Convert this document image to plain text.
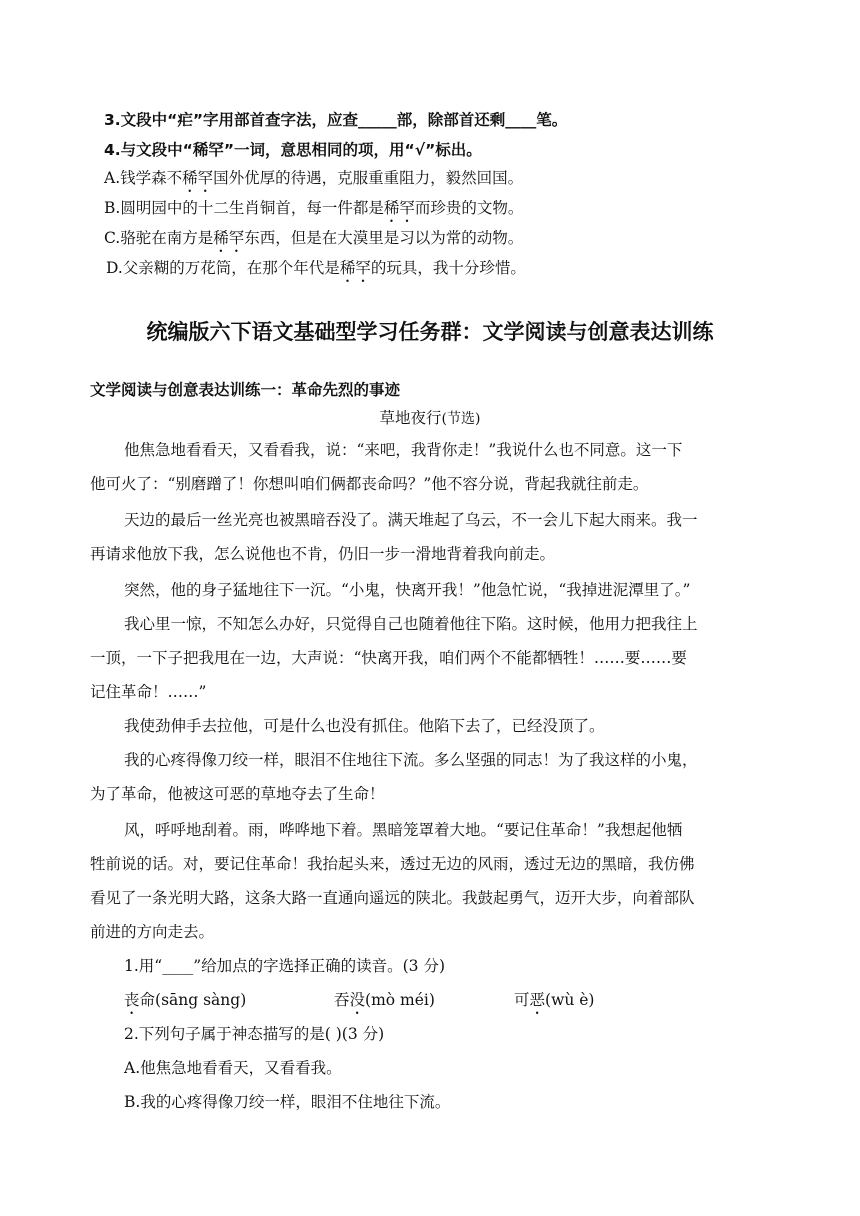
3.文段中“疟”字用部首查字法，应查_____部，除部首还剩____笔。
4.与文段中“稀罕”一词，意思相同的项，用“√”标出。
A.钱学森不稀罕国外优厚的待遇，克服重重阻力，毅然回国。
B.圆明园中的十二生肖铜首，每一件都是稀罕而珍贵的文物。
C.骆驼在南方是稀罕东西，但是在大漠里是习以为常的动物。
D.父亲糊的万花筒，在那个年代是稀罕的玩具，我十分珍惜。
统编版六下语文基础型学习任务群：文学阅读与创意表达训练
文学阅读与创意表达训练一：革命先烈的事迹
草地夜行(节选)
他焦急地看看天，又看看我，说：“来吧，我背你走！”我说什么也不同意。这一下
他可火了：“别磨蹭了！你想叫咱们俩都丧命吗？”他不容分说，背起我就往前走。
天边的最后一丝光亮也被黑暗吞没了。满天堆起了乌云，不一会儿下起大雨来。我一
再请求他放下我，怎么说他也不肯，仍旧一步一滑地背着我向前走。
突然，他的身子猛地往下一沉。“小鬼，快离开我！”他急忙说，“我掉进泥潭里了。”
我心里一惊，不知怎么办好，只觉得自己也随着他往下陷。这时候，他用力把我往上
一顶，一下子把我甩在一边，大声说：“快离开我，咱们两个不能都牺牲！……要……要
记住革命！……”
我使劲伸手去拉他，可是什么也没有抓住。他陷下去了，已经没顶了。
我的心疼得像刀绞一样，眼泪不住地往下流。多么坚强的同志！为了我这样的小鬼，
为了革命，他被这可恶的草地夺去了生命！
风，呼呼地刮着。雨，哗哗地下着。黑暗笼罩着大地。“要记住革命！”我想起他牺
牲前说的话。对，要记住革命！我抬起头来，透过无边的风雨，透过无边的黑暗，我仿佛
看见了一条光明大路，这条大路一直通向遥远的陕北。我鼓起勇气，迈开大步，向着部队
前进的方向走去。
1.用“____”给加点的字选择正确的读音。(3 分)
丧命(sāng sàng)	吞没(mò méi)	可恶(wù è)
2.下列句子属于神态描写的是( )(3 分)
A.他焦急地看看天，又看看我。
B.我的心疼得像刀绞一样，眼泪不住地往下流。
